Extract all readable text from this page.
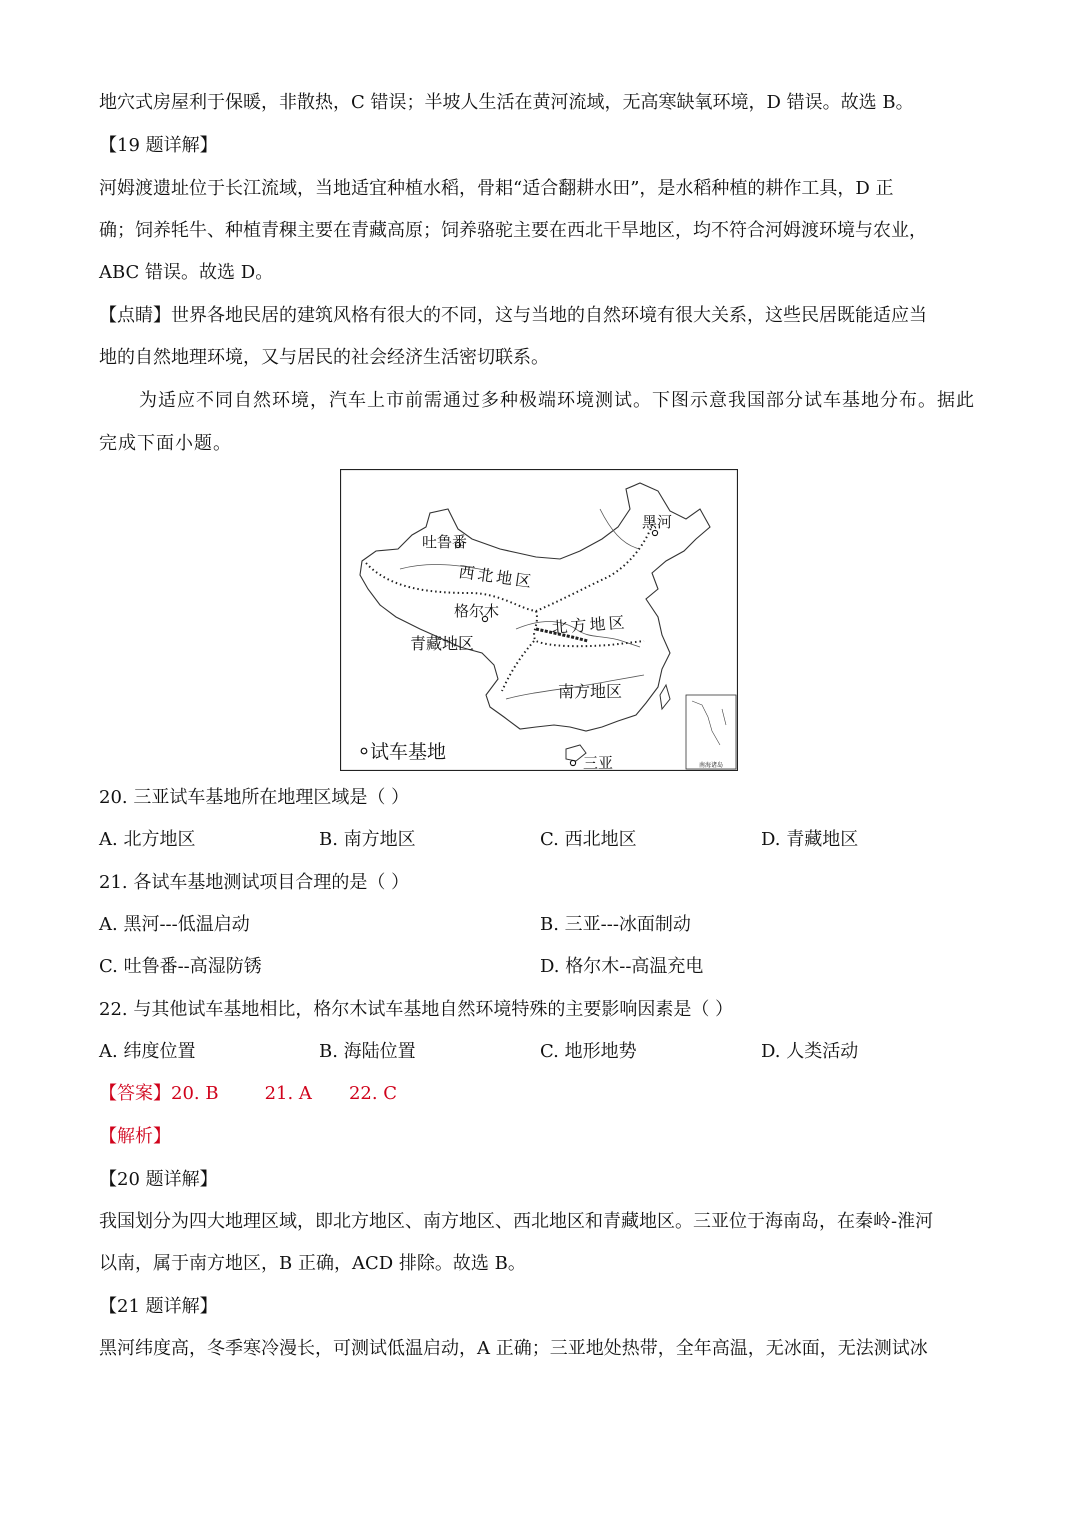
地穴式房屋利于保暖，非散热，C 错误；半坡人生活在黄河流域，无高寒缺氧环境，D 错误。故选 B。
【19 题详解】
河姆渡遗址位于长江流域，当地适宜种植水稻，骨耜“适合翻耕水田”，是水稻种植的耕作工具，D 正
确；饲养牦牛、种植青稞主要在青藏高原；饲养骆驼主要在西北干旱地区，均不符合河姆渡环境与农业，
ABC 错误。故选 D。
【点睛】世界各地民居的建筑风格有很大的不同，这与当地的自然环境有很大关系，这些民居既能适应当
地的自然地理环境，又与居民的社会经济生活密切联系。
为适应不同自然环境，汽车上市前需通过多种极端环境测试。下图示意我国部分试车基地分布。据此
完成下面小题。
南海诸岛
吐鲁番
格尔木
黑河
三亚
西北地区
北方地区
青藏地区
南方地区
试车基地
20. 三亚试车基地所在地理区域是（ ）
A. 北方地区	B. 南方地区	C. 西北地区	D. 青藏地区
21. 各试车基地测试项目合理的是（ ）
A. 黑河---低温启动	B. 三亚---冰面制动
C. 吐鲁番--高湿防锈	D. 格尔木--高温充电
22. 与其他试车基地相比，格尔木试车基地自然环境特殊的主要影响因素是（ ）
A. 纬度位置	B. 海陆位置	C. 地形地势	D. 人类活动
【答案】20. B	21. A 22. C
【解析】
【20 题详解】
我国划分为四大地理区域，即北方地区、南方地区、西北地区和青藏地区。三亚位于海南岛，在秦岭-淮河
以南，属于南方地区，B 正确，ACD 排除。故选 B。
【21 题详解】
黑河纬度高，冬季寒冷漫长，可测试低温启动，A 正确；三亚地处热带，全年高温，无冰面，无法测试冰
